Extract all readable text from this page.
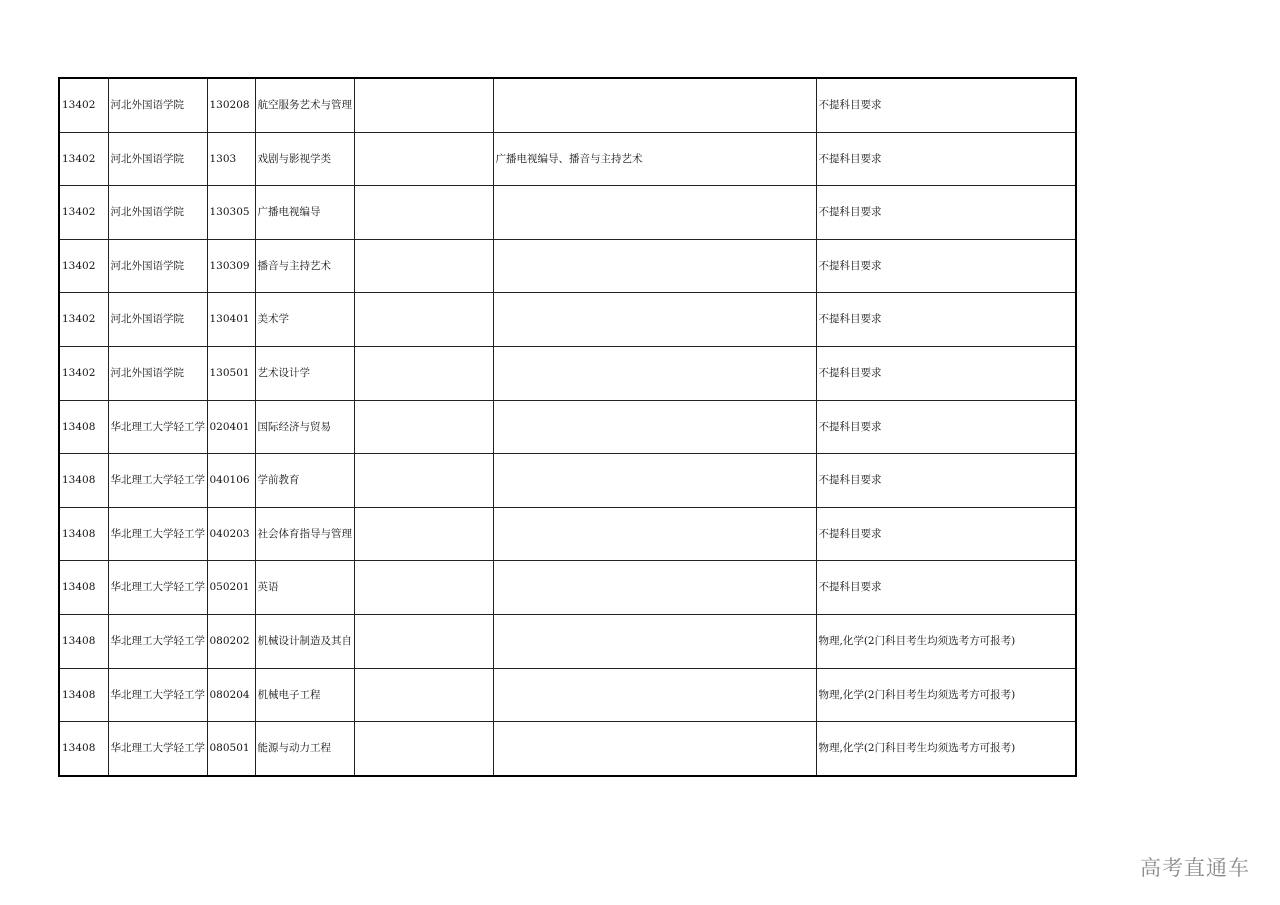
13402	河北外国语学院	130208	航空服务艺术与管理			不提科目要求
13402	河北外国语学院	1303	戏剧与影视学类		广播电视编导、播音与主持艺术	不提科目要求
13402	河北外国语学院	130305	广播电视编导			不提科目要求
13402	河北外国语学院	130309	播音与主持艺术			不提科目要求
13402	河北外国语学院	130401	美术学			不提科目要求
13402	河北外国语学院	130501	艺术设计学			不提科目要求
13408	华北理工大学轻工学	020401	国际经济与贸易			不提科目要求
13408	华北理工大学轻工学	040106	学前教育			不提科目要求
13408	华北理工大学轻工学	040203	社会体育指导与管理			不提科目要求
13408	华北理工大学轻工学	050201	英语			不提科目要求
13408	华北理工大学轻工学	080202	机械设计制造及其自			物理,化学(2门科目考生均须选考方可报考)
13408	华北理工大学轻工学	080204	机械电子工程			物理,化学(2门科目考生均须选考方可报考)
13408	华北理工大学轻工学	080501	能源与动力工程			物理,化学(2门科目考生均须选考方可报考)
高考直通车
